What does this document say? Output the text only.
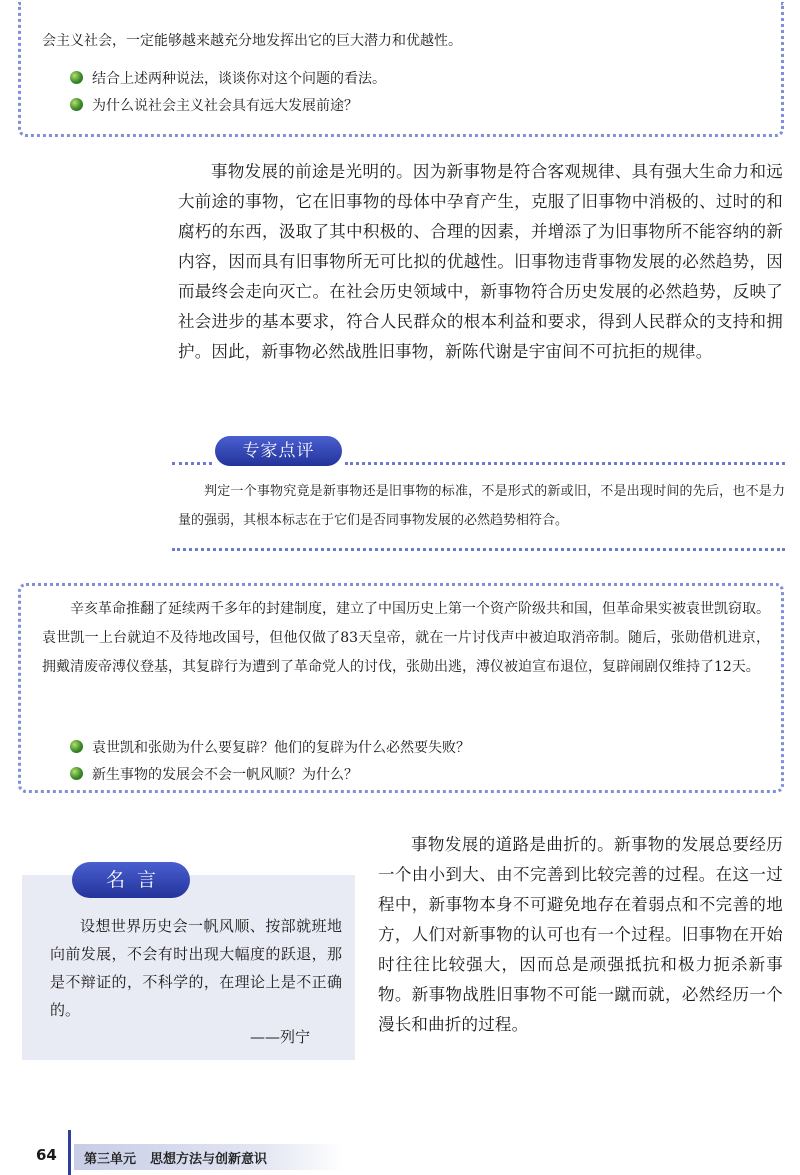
会主义社会，一定能够越来越充分地发挥出它的巨大潜力和优越性。
结合上述两种说法，谈谈你对这个问题的看法。
为什么说社会主义社会具有远大发展前途？

事物发展的前途是光明的。因为新事物是符合客观规律、具有强大生命力和远大前途的事物，它在旧事物的母体中孕育产生，克服了旧事物中消极的、过时的和腐朽的东西，汲取了其中积极的、合理的因素，并增添了为旧事物所不能容纳的新内容，因而具有旧事物所无可比拟的优越性。旧事物违背事物发展的必然趋势，因而最终会走向灭亡。在社会历史领域中，新事物符合历史发展的必然趋势，反映了社会进步的基本要求，符合人民群众的根本利益和要求，得到人民群众的支持和拥护。因此，新事物必然战胜旧事物，新陈代谢是宇宙间不可抗拒的规律。

专家点评

判定一个事物究竟是新事物还是旧事物的标准，不是形式的新或旧，不是出现时间的先后，也不是力量的强弱，其根本标志在于它们是否同事物发展的必然趋势相符合。

辛亥革命推翻了延续两千多年的封建制度，建立了中国历史上第一个资产阶级共和国，但革命果实被袁世凯窃取。袁世凯一上台就迫不及待地改国号，但他仅做了83天皇帝，就在一片讨伐声中被迫取消帝制。随后，张勋借机进京，拥戴清废帝溥仪登基，其复辟行为遭到了革命党人的讨伐，张勋出逃，溥仪被迫宣布退位，复辟闹剧仅维持了12天。

袁世凯和张勋为什么要复辟？他们的复辟为什么必然要失败？
新生事物的发展会不会一帆风顺？为什么？
名言

设想世界历史会一帆风顺、按部就班地向前发展，不会有时出现大幅度的跃退，那是不辩证的，不科学的，在理论上是不正确的。

——列宁

事物发展的道路是曲折的。新事物的发展总要经历一个由小到大、由不完善到比较完善的过程。在这一过程中，新事物本身不可避免地存在着弱点和不完善的地方，人们对新事物的认可也有一个过程。旧事物在开始时往往比较强大，因而总是顽强抵抗和极力扼杀新事物。新事物战胜旧事物不可能一蹴而就，必然经历一个漫长和曲折的过程。

64 第三单元 思想方法与创新意识
